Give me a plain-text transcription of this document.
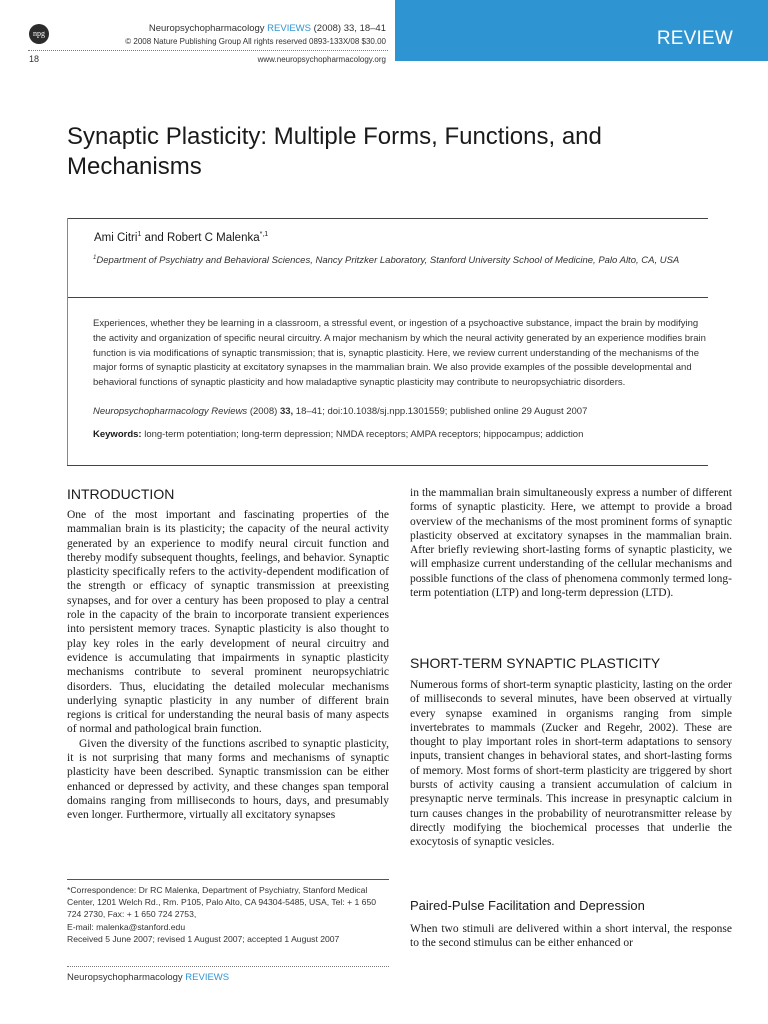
npg	Neuropsychopharmacology REVIEWS (2008) 33, 18–41
© 2008 Nature Publishing Group All rights reserved 0893-133X/08 $30.00
18	www.neuropsychopharmacology.org
REVIEW
Synaptic Plasticity: Multiple Forms, Functions, and Mechanisms
Ami Citri$^1$ and Robert C Malenka$^{*,1}$
$^1$Department of Psychiatry and Behavioral Sciences, Nancy Pritzker Laboratory, Stanford University School of Medicine, Palo Alto, CA, USA
Experiences, whether they be learning in a classroom, a stressful event, or ingestion of a psychoactive substance, impact the brain by modifying the activity and organization of specific neural circuitry. A major mechanism by which the neural activity generated by an experience modifies brain function is via modifications of synaptic transmission; that is, synaptic plasticity. Here, we review current understanding of the mechanisms of the major forms of synaptic plasticity at excitatory synapses in the mammalian brain. We also provide examples of the possible developmental and behavioral functions of synaptic plasticity and how maladaptive synaptic plasticity may contribute to neuropsychiatric disorders.
Neuropsychopharmacology Reviews (2008) 33, 18–41; doi:10.1038/sj.npp.1301559; published online 29 August 2007
Keywords: long-term potentiation; long-term depression; NMDA receptors; AMPA receptors; hippocampus; addiction
INTRODUCTION

One of the most important and fascinating properties of the mammalian brain is its plasticity; the capacity of the neural activity generated by an experience to modify neural circuit function and thereby modify subsequent thoughts, feelings, and behavior. Synaptic plasticity specifically refers to the activity-dependent modification of the strength or efficacy of synaptic transmission at preexisting synapses, and for over a century has been proposed to play a central role in the capacity of the brain to incorporate transient experiences into persistent memory traces. Synaptic plasticity is also thought to play key roles in the early development of neural circuitry and evidence is accumulating that impairments in synaptic plasticity mechanisms contribute to several prominent neuropsychiatric disorders. Thus, elucidating the detailed molecular mechanisms underlying synaptic plasticity in any number of different brain regions is critical for understanding the neural basis of many aspects of normal and pathological brain function.

Given the diversity of the functions ascribed to synaptic plasticity, it is not surprising that many forms and mechanisms of synaptic plasticity have been described. Synaptic transmission can be either enhanced or depressed by activity, and these changes span temporal domains ranging from milliseconds to hours, days, and presumably even longer. Furthermore, virtually all excitatory synapses

*Correspondence: Dr RC Malenka, Department of Psychiatry, Stanford Medical Center, 1201 Welch Rd., Rm. P105, Palo Alto, CA 94304-5485, USA, Tel: + 1 650 724 2730, Fax: + 1 650 724 2753,
E-mail: malenka@stanford.edu
Received 5 June 2007; revised 1 August 2007; accepted 1 August 2007

in the mammalian brain simultaneously express a number of different forms of synaptic plasticity. Here, we attempt to provide a broad overview of the mechanisms of the most prominent forms of synaptic plasticity observed at excitatory synapses in the mammalian brain. After briefly reviewing short-lasting forms of synaptic plasticity, we will emphasize current understanding of the cellular mechanisms and possible functions of the class of phenomena commonly termed long-term potentiation (LTP) and long-term depression (LTD).

SHORT-TERM SYNAPTIC PLASTICITY

Numerous forms of short-term synaptic plasticity, lasting on the order of milliseconds to several minutes, have been observed at virtually every synapse examined in organisms ranging from simple invertebrates to mammals (Zucker and Regehr, 2002). These are thought to play important roles in short-term adaptations to sensory inputs, transient changes in behavioral states, and short-lasting forms of memory. Most forms of short-term plasticity are triggered by short bursts of activity causing a transient accumulation of calcium in presynaptic nerve terminals. This increase in presynaptic calcium in turn causes changes in the probability of neurotransmitter release by directly modifying the biochemical processes that underlie the exocytosis of synaptic vesicles.

Paired-Pulse Facilitation and Depression

When two stimuli are delivered within a short interval, the response to the second stimulus can be either enhanced or

Neuropsychopharmacology REVIEWS
